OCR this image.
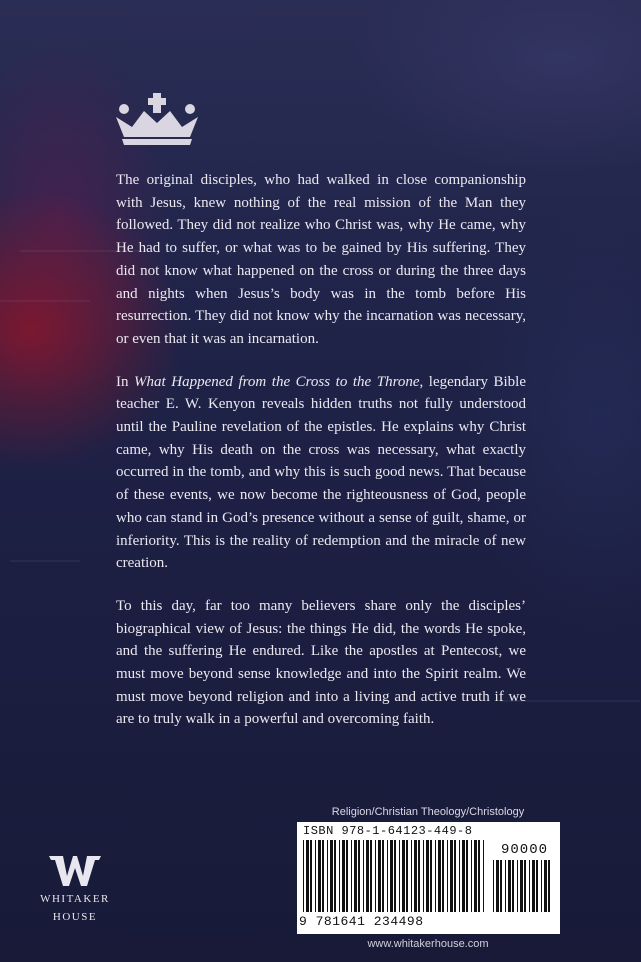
The original disciples, who had walked in close companionship with Jesus, knew nothing of the real mission of the Man they followed. They did not realize who Christ was, why He came, why He had to suffer, or what was to be gained by His suffering. They did not know what happened on the cross or during the three days and nights when Jesus’s body was in the tomb before His resurrection. They did not know why the incarnation was necessary, or even that it was an incarnation.

In What Happened from the Cross to the Throne, legendary Bible teacher E. W. Kenyon reveals hidden truths not fully understood until the Pauline revelation of the epistles. He explains why Christ came, why His death on the cross was necessary, what exactly occurred in the tomb, and why this is such good news. That because of these events, we now become the righteousness of God, people who can stand in God’s presence without a sense of guilt, shame, or inferiority. This is the reality of redemption and the miracle of new creation.

To this day, far too many believers share only the disciples’ biographical view of Jesus: the things He did, the words He spoke, and the suffering He endured. Like the apostles at Pentecost, we must move beyond sense knowledge and into the Spirit realm. We must move beyond religion and into a living and active truth if we are to truly walk in a powerful and overcoming faith.

WHITAKER
HOUSE
Religion/Christian Theology/Christology
ISBN 978-1-64123-449-8
90000
9 781641 234498
www.whitakerhouse.com
